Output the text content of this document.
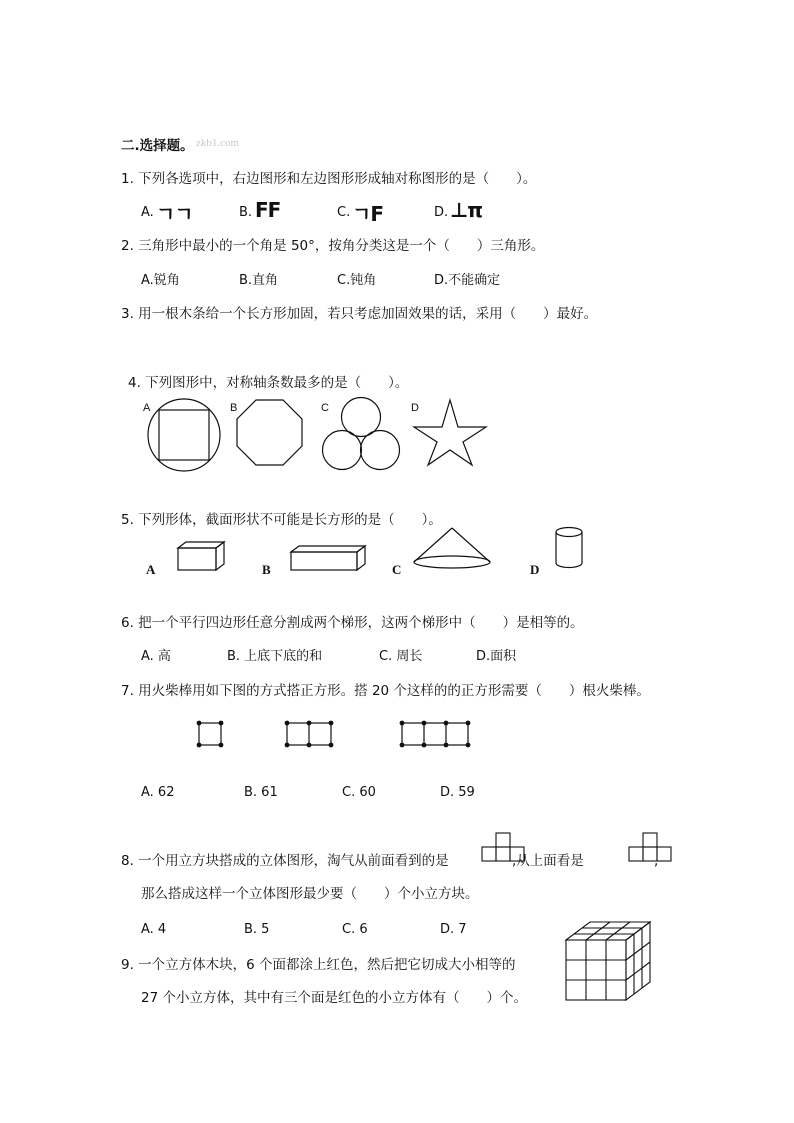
二.选择题。 zkb1.com
1. 下列各选项中，右边图形和左边图形形成轴对称图形的是（　　）。
A. ㄱㄱ	B. FF	C. ㄱF	D. ⊥π
2. 三角形中最小的一个角是 50°，按角分类这是一个（　　）三角形。
A.锐角	B.直角	C.钝角	D.不能确定
3. 用一根木条给一个长方形加固，若只考虑加固效果的话，采用（　　）最好。
4. 下列图形中，对称轴条数最多的是（　　）。
A	B	C	D
5. 下列形体，截面形状不可能是长方形的是（　　）。
A	B	C	D
6. 把一个平行四边形任意分割成两个梯形，这两个梯形中（　　）是相等的。
A. 高	B. 上底下底的和	C. 周长	D.面积
7. 用火柴棒用如下图的方式搭正方形。搭 20 个这样的的正方形需要（　　）根火柴棒。
A. 62	B. 61	C. 60	D. 59
8. 一个用立方块搭成的立体图形，淘气从前面看到的是	,从上面看是	,
那么搭成这样一个立体图形最少要（　　）个小立方块。
A. 4	B. 5	C. 6	D. 7
9. 一个立方体木块，6 个面都涂上红色，然后把它切成大小相等的
27 个小立方体，其中有三个面是红色的小立方体有（　　）个。
